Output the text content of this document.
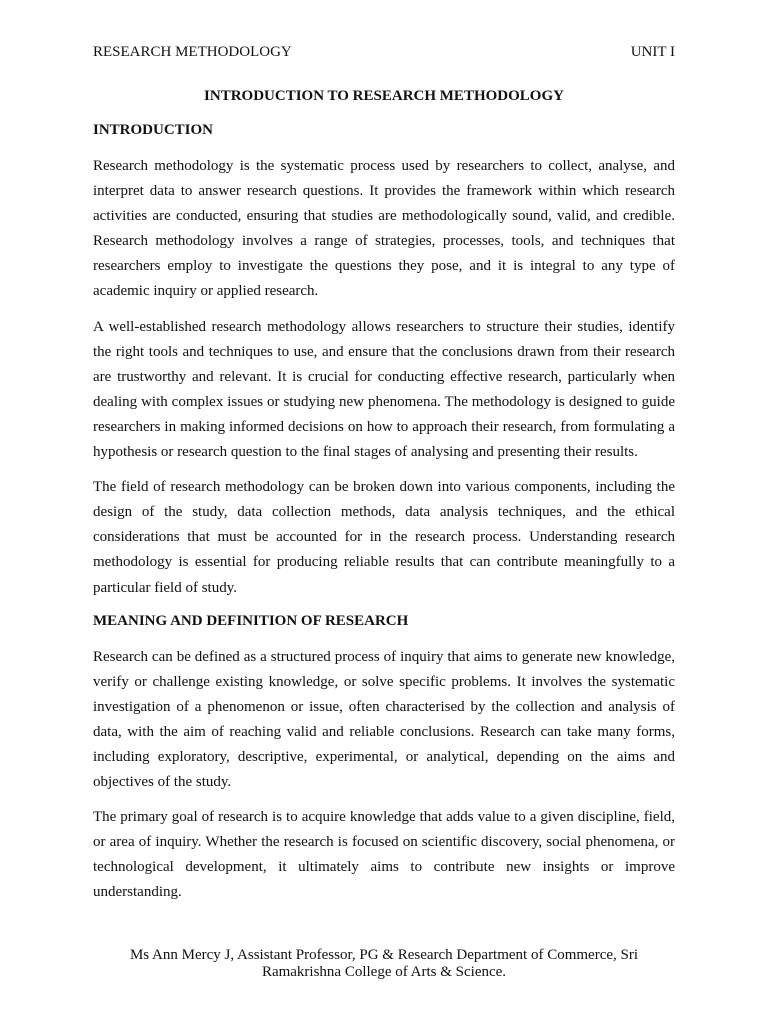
RESEARCH METHODOLOGY	UNIT I
INTRODUCTION TO RESEARCH METHODOLOGY
INTRODUCTION

Research methodology is the systematic process used by researchers to collect, analyse, and interpret data to answer research questions. It provides the framework within which research activities are conducted, ensuring that studies are methodologically sound, valid, and credible. Research methodology involves a range of strategies, processes, tools, and techniques that researchers employ to investigate the questions they pose, and it is integral to any type of academic inquiry or applied research.

A well-established research methodology allows researchers to structure their studies, identify the right tools and techniques to use, and ensure that the conclusions drawn from their research are trustworthy and relevant. It is crucial for conducting effective research, particularly when dealing with complex issues or studying new phenomena. The methodology is designed to guide researchers in making informed decisions on how to approach their research, from formulating a hypothesis or research question to the final stages of analysing and presenting their results.

The field of research methodology can be broken down into various components, including the design of the study, data collection methods, data analysis techniques, and the ethical considerations that must be accounted for in the research process. Understanding research methodology is essential for producing reliable results that can contribute meaningfully to a particular field of study.

MEANING AND DEFINITION OF RESEARCH

Research can be defined as a structured process of inquiry that aims to generate new knowledge, verify or challenge existing knowledge, or solve specific problems. It involves the systematic investigation of a phenomenon or issue, often characterised by the collection and analysis of data, with the aim of reaching valid and reliable conclusions. Research can take many forms, including exploratory, descriptive, experimental, or analytical, depending on the aims and objectives of the study.

The primary goal of research is to acquire knowledge that adds value to a given discipline, field, or area of inquiry. Whether the research is focused on scientific discovery, social phenomena, or technological development, it ultimately aims to contribute new insights or improve understanding.

Ms Ann Mercy J, Assistant Professor, PG & Research Department of Commerce, Sri
Ramakrishna College of Arts & Science.
